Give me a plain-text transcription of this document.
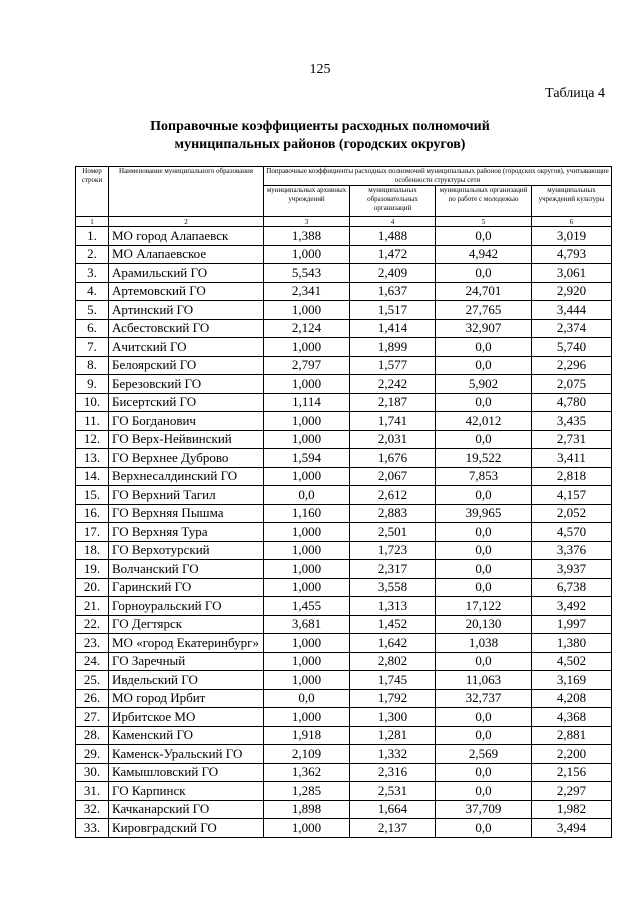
125
Таблица 4
Поправочные коэффициенты расходных полномочий
муниципальных районов (городских округов)
Номер строки	Наименование муниципального образования	Поправочные коэффициенты расходных полномочий муниципальных районов (городских округов), учитывающие особенности структуры сети			
		муниципальных архивных учреждений	муниципальных образовательных организаций	муниципальных организаций по работе с молодежью	муниципальных учреждений культуры
1	2	3	4	5	6
1.	МО город Алапаевск	1,388	1,488	0,0	3,019
2.	МО Алапаевское	1,000	1,472	4,942	4,793
3.	Арамильский ГО	5,543	2,409	0,0	3,061
4.	Артемовский ГО	2,341	1,637	24,701	2,920
5.	Артинский ГО	1,000	1,517	27,765	3,444
6.	Асбестовский ГО	2,124	1,414	32,907	2,374
7.	Ачитский ГО	1,000	1,899	0,0	5,740
8.	Белоярский ГО	2,797	1,577	0,0	2,296
9.	Березовский ГО	1,000	2,242	5,902	2,075
10.	Бисертский ГО	1,114	2,187	0,0	4,780
11.	ГО Богданович	1,000	1,741	42,012	3,435
12.	ГО Верх-Нейвинский	1,000	2,031	0,0	2,731
13.	ГО Верхнее Дуброво	1,594	1,676	19,522	3,411
14.	Верхнесалдинский ГО	1,000	2,067	7,853	2,818
15.	ГО Верхний Тагил	0,0	2,612	0,0	4,157
16.	ГО Верхняя Пышма	1,160	2,883	39,965	2,052
17.	ГО Верхняя Тура	1,000	2,501	0,0	4,570
18.	ГО Верхотурский	1,000	1,723	0,0	3,376
19.	Волчанский ГО	1,000	2,317	0,0	3,937
20.	Гаринский ГО	1,000	3,558	0,0	6,738
21.	Горноуральский ГО	1,455	1,313	17,122	3,492
22.	ГО Дегтярск	3,681	1,452	20,130	1,997
23.	МО «город Екатеринбург»	1,000	1,642	1,038	1,380
24.	ГО Заречный	1,000	2,802	0,0	4,502
25.	Ивдельский ГО	1,000	1,745	11,063	3,169
26.	МО город Ирбит	0,0	1,792	32,737	4,208
27.	Ирбитское МО	1,000	1,300	0,0	4,368
28.	Каменский ГО	1,918	1,281	0,0	2,881
29.	Каменск-Уральский ГО	2,109	1,332	2,569	2,200
30.	Камышловский ГО	1,362	2,316	0,0	2,156
31.	ГО Карпинск	1,285	2,531	0,0	2,297
32.	Качканарский ГО	1,898	1,664	37,709	1,982
33.	Кировградский ГО	1,000	2,137	0,0	3,494
